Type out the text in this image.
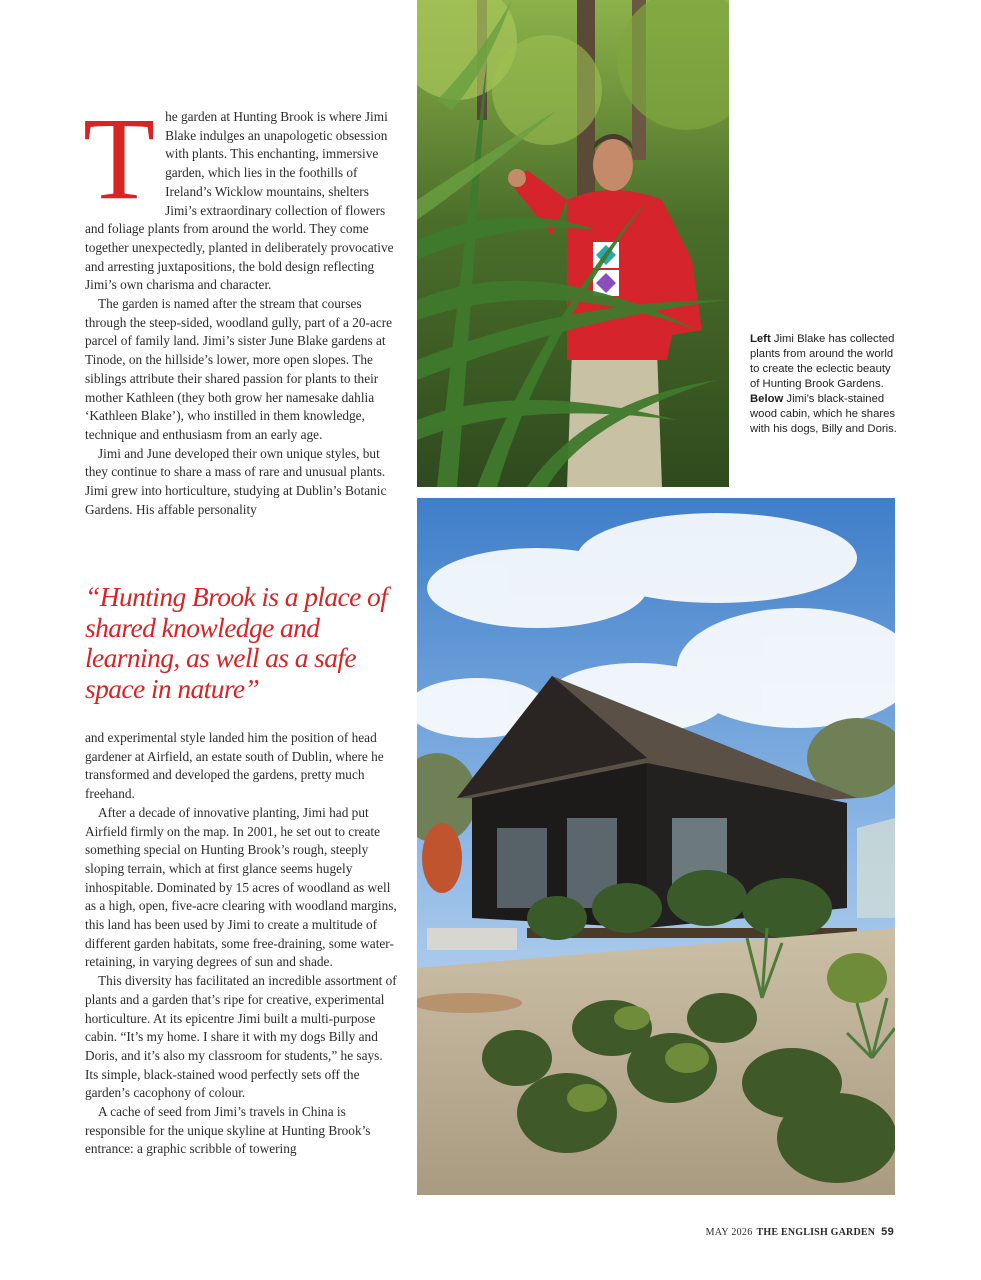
The garden at Hunting Brook is where Jimi Blake indulges an unapologetic obsession with plants. This enchanting, immersive garden, which lies in the foothills of Ireland’s Wicklow mountains, shelters Jimi’s extraordinary collection of flowers and foliage plants from around the world. They come together unexpectedly, planted in deliberately provocative and arresting juxtapositions, the bold design reflecting Jimi’s own charisma and character.

The garden is named after the stream that courses through the steep-sided, woodland gully, part of a 20-acre parcel of family land. Jimi’s sister June Blake gardens at Tinode, on the hillside’s lower, more open slopes. The siblings attribute their shared passion for plants to their mother Kathleen (they both grow her namesake dahlia ‘Kathleen Blake’), who instilled in them knowledge, technique and enthusiasm from an early age.

Jimi and June developed their own unique styles, but they continue to share a mass of rare and unusual plants. Jimi grew into horticulture, studying at Dublin’s Botanic Gardens. His affable personality

“Hunting Brook is a place of shared knowledge and learning, as well as a safe space in nature”

and experimental style landed him the position of head gardener at Airfield, an estate south of Dublin, where he transformed and developed the gardens, pretty much freehand.

After a decade of innovative planting, Jimi had put Airfield firmly on the map. In 2001, he set out to create something special on Hunting Brook’s rough, steeply sloping terrain, which at first glance seems hugely inhospitable. Dominated by 15 acres of woodland as well as a high, open, five-acre clearing with woodland margins, this land has been used by Jimi to create a multitude of different garden habitats, some free-draining, some water-retaining, in varying degrees of sun and shade.

This diversity has facilitated an incredible assortment of plants and a garden that’s ripe for creative, experimental horticulture. At its epicentre Jimi built a multi-purpose cabin. “It’s my home. I share it with my dogs Billy and Doris, and it’s also my classroom for students,” he says. Its simple, black-stained wood perfectly sets off the garden’s cacophony of colour.

A cache of seed from Jimi’s travels in China is responsible for the unique skyline at Hunting Brook’s entrance: a graphic scribble of towering

Left Jimi Blake has collected plants from around the world to create the eclectic beauty of Hunting Brook Gardens.
Below Jimi’s black-stained wood cabin, which he shares with his dogs, Billy and Doris.
MAY 2026 THE ENGLISH GARDEN 59
